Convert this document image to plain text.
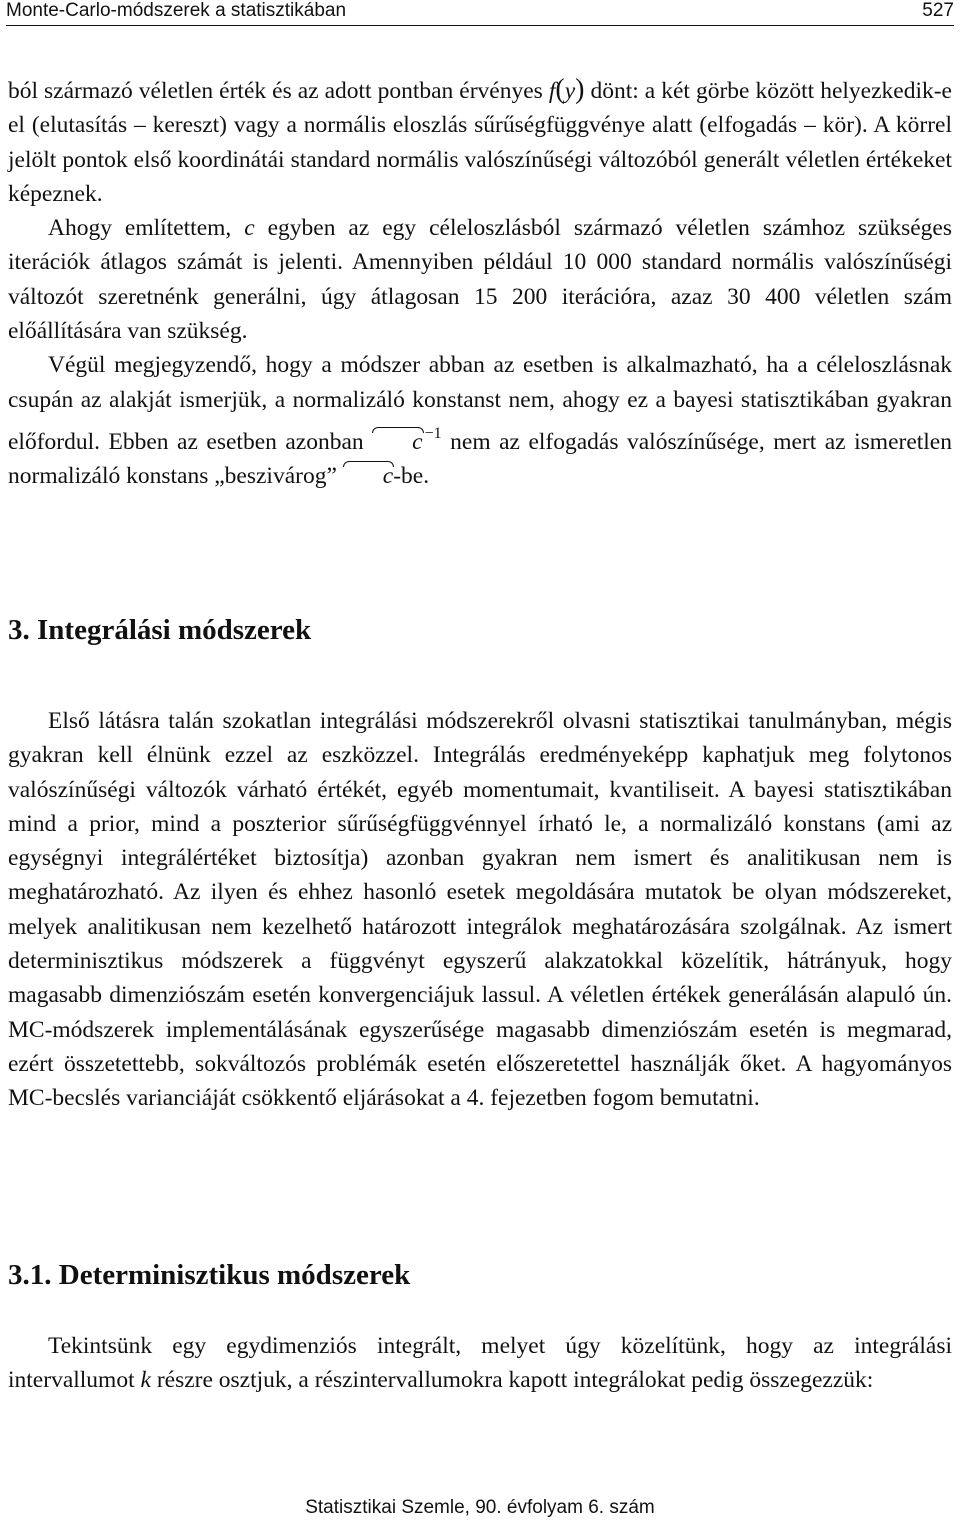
Monte-Carlo-módszerek a statisztikában	527

ból származó véletlen érték és az adott pontban érvényes f(y) dönt: a két görbe között helyezkedik-e el (elutasítás – kereszt) vagy a normális eloszlás sűrűségfüggvénye alatt (elfogadás – kör). A körrel jelölt pontok első koordinátái standard normális valószínűségi változóból generált véletlen értékeket képeznek.

Ahogy említettem, c egyben az egy céleloszlásból származó véletlen számhoz szükséges iterációk átlagos számát is jelenti. Amennyiben például 10 000 standard normális valószínűségi változót szeretnénk generálni, úgy átlagosan 15 200 iterációra, azaz 30 400 véletlen szám előállítására van szükség.

Végül megjegyzendő, hogy a módszer abban az esetben is alkalmazható, ha a céleloszlásnak csupán az alakját ismerjük, a normalizáló konstanst nem, ahogy ez a bayesi statisztikában gyakran előfordul. Ebben az esetben azonban c $^{-1}$ nem az elfogadás valószínűsége, mert az ismeretlen normalizáló konstans „beszivárog” c-be.

3. Integrálási módszerek

Első látásra talán szokatlan integrálási módszerekről olvasni statisztikai tanulmányban, mégis gyakran kell élnünk ezzel az eszközzel. Integrálás eredményeképp kaphatjuk meg folytonos valószínűségi változók várható értékét, egyéb momentumait, kvantiliseit. A bayesi statisztikában mind a prior, mind a poszterior sűrűségfüggvénnyel írható le, a normalizáló konstans (ami az egységnyi integrálértéket biztosítja) azonban gyakran nem ismert és analitikusan nem is meghatározható. Az ilyen és ehhez hasonló esetek megoldására mutatok be olyan módszereket, melyek analitikusan nem kezelhető határozott integrálok meghatározására szolgálnak. Az ismert determinisztikus módszerek a függvényt egyszerű alakzatokkal közelítik, hátrányuk, hogy magasabb dimenziószám esetén konvergenciájuk lassul. A véletlen értékek generálásán alapuló ún. MC-módszerek implementálásának egyszerűsége magasabb dimenziószám esetén is megmarad, ezért összetettebb, sokváltozós problémák esetén előszeretettel használják őket. A hagyományos MC-becslés varianciáját csökkentő eljárásokat a 4. fejezetben fogom bemutatni.

3.1. Determinisztikus módszerek

Tekintsünk egy egydimenziós integrált, melyet úgy közelítünk, hogy az integrálási intervallumot k részre osztjuk, a részintervallumokra kapott integrálokat pedig összegezzük:

Statisztikai Szemle, 90. évfolyam 6. szám
